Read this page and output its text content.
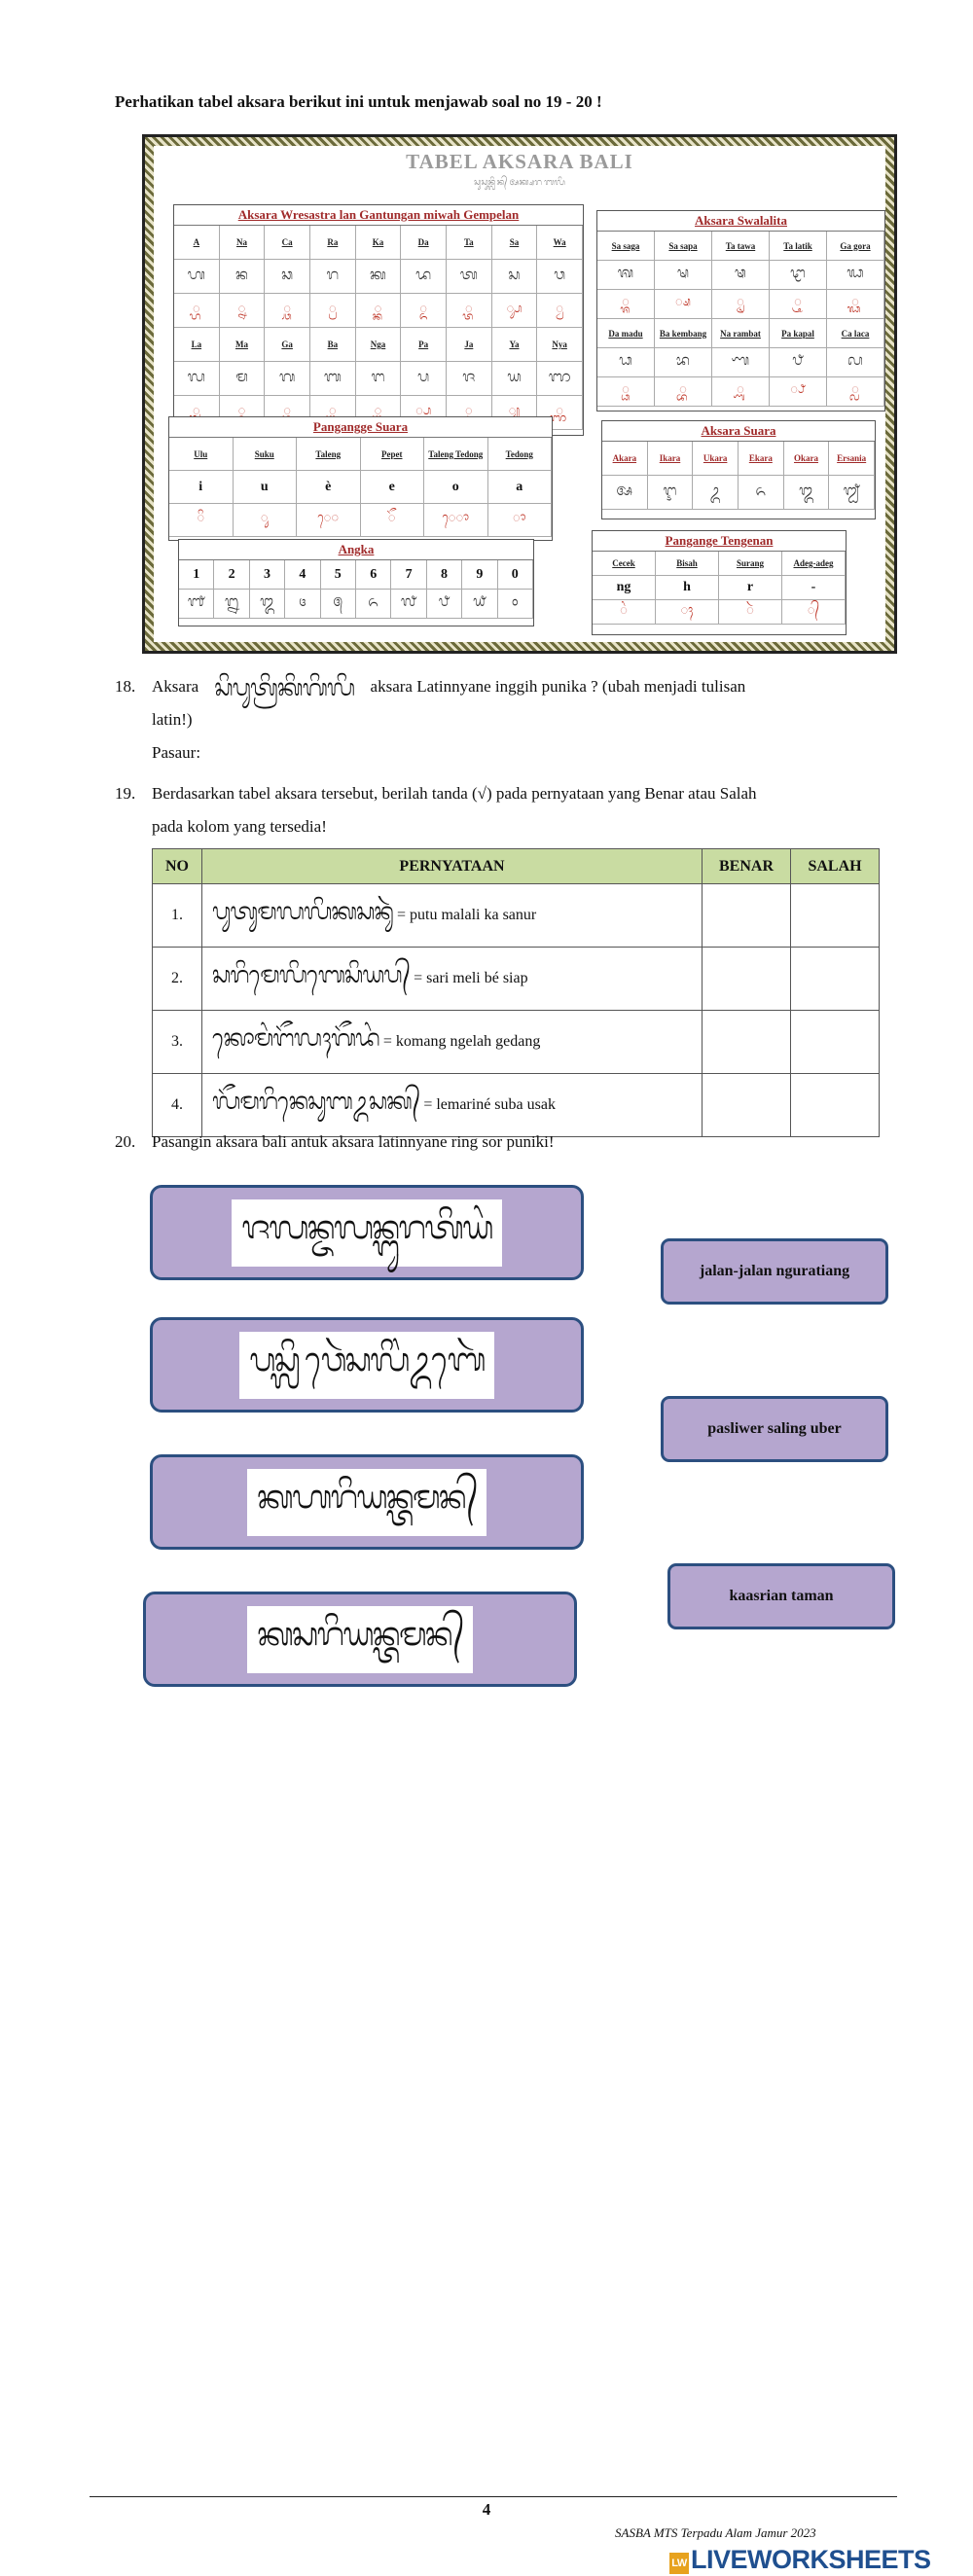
Perhatikan tabel aksara berikut ini untuk menjawab soal no 19 - 20 !
TABEL AKSARA BALI
ᬲᬸᬲᬸᬦ᭄ᬮᬶᬦ᭄ ᬅᬓ᭄ᬱᬭ ᬩᬮᬶ
Aksara Wresastra lan Gantungan miwah Gempelan
A	Na	Ca	Ra	Ka	Da	Ta	Sa	Wa
ᬳ	ᬦ	ᬘ	ᬭ	ᬓ	ᬤ	ᬢ	ᬲ	ᬯ
᭄ᬳ	᭄ᬦ	᭄ᬘ	᭄ᬭ	᭄ᬓ	᭄ᬤ	᭄ᬢ	᭄ᬲ	᭄ᬯ
La	Ma	Ga	Ba	Nga	Pa	Ja	Ya	Nya
ᬮ	ᬫ	ᬕ	ᬩ	ᬗ	ᬧ	ᬚ	ᬬ	ᬜ
᭄ᬮ	᭄ᬫ	᭄ᬕ	᭄ᬩ	᭄ᬗ	᭄ᬧ	᭄ᬚ	᭄ᬬ	᭄ᬜ
Aksara Swalalita
Sa saga	Sa sapa	Ta tawa	Ta latik	Ga gora
ᬰ	ᬱ	ᬣ	ᬝ	ᬖ
᭄ᬰ	᭄ᬱ	᭄ᬣ	᭄ᬝ	᭄ᬖ
Da madu	Ba kembang	Na rambat	Pa kapal	Ca laca
ᬥ	ᬪ	ᬡ	ᬨ	ᬙ
᭄ᬥ	᭄ᬪ	᭄ᬡ	᭄ᬨ	᭄ᬙ
Pangangge Suara
Ulu	Suku	Taleng	Pepet	Taleng Tedong	Tedong
i	u	è	e	o	a
◌ᬶ	◌ᬸ	ᬾ◌	◌ᭂ	ᬾ◌ᬵ	◌ᬵ
Aksara Suara
Akara	Ikara	Ukara	Ekara	Okara	Ersania
ᬅ	ᬇ	ᬉ	ᬏ	ᬑ	ᬐ
Angka
1	2	3	4	5	6	7	8	9	0
᭑	᭒	᭓	᭔	᭕	᭖	᭗	᭘	᭙	᭐
Pangange Tengenan
Cecek	Bisah	Surang	Adeg-adeg
ng	h	r	-
◌ᬂ	◌ᬄ	◌ᬃ	◌᭄
18. Aksara ᬲᬶᬧᬸᬢ᭄ᬭᬶᬓᬶᬕᬶᬮᬶ aksara Latinnyane inggih punika ? (ubah menjadi tulisan
latin!)
Pasaur:
19. Berdasarkan tabel aksara tersebut, berilah tanda (√) pada pernyataan yang Benar atau Salah
pada kolom yang tersedia!
NO	PERNYATAAN	BENAR	SALAH
1.	ᬧᬸᬢᬸᬫᬮᬮᬶᬓᬲᬦᬸᬃ = putu malali ka sanur		
2.	ᬲᬭᬶᬫᬾᬮᬶᬩᬾᬲᬶᬬᬧ᭄ = sari meli bé siap		
3.	ᬓᭀᬫᬂᬗᭂᬮᬄᬕᭂᬤᬂ = komang ngelah gedang		
4.	ᬮᭂᬫᬭᬶᬦᬾᬲᬸᬩᬉᬲᬓ᭄ = lemariné suba usak		
20. Pasangin aksara bali antuk aksara latinnyane ring sor puniki!
ᬚᬮᬦ᭄ᬚᬮᬦ᭄ᬗᬸᬭᬢᬶᬬᬂ
ᬧᬲ᭄ᬮᬶᬯᬾᬃᬲᬮᬶᬂᬉᬩᬾᬃ
ᬓᬳᬭᬶᬬᬦ᭄ᬢᬫᬦ᭄
ᬓᬲᬭᬶᬬᬦ᭄ᬢᬫᬦ᭄
jalan-jalan nguratiang
pasliwer saling uber
kaasrian taman
4
SASBA MTS Terpadu Alam Jamur 2023
LW LIVEWORKSHEETS
